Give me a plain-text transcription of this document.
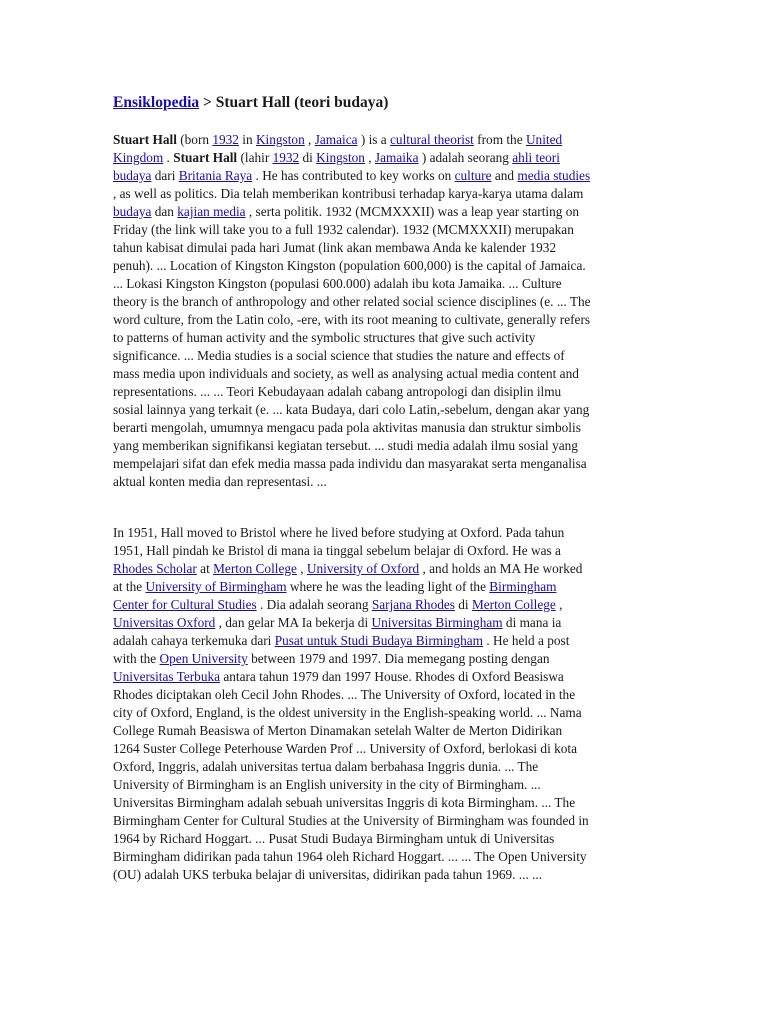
Ensiklopedia > Stuart Hall (teori budaya)
Stuart Hall (born 1932 in Kingston , Jamaica ) is a cultural theorist from the United
Kingdom . Stuart Hall (lahir 1932 di Kingston , Jamaika ) adalah seorang ahli teori
budaya dari Britania Raya . He has contributed to key works on culture and media studies
, as well as politics. Dia telah memberikan kontribusi terhadap karya-karya utama dalam
budaya dan kajian media , serta politik. 1932 (MCMXXXII) was a leap year starting on
Friday (the link will take you to a full 1932 calendar). 1932 (MCMXXXII) merupakan
tahun kabisat dimulai pada hari Jumat (link akan membawa Anda ke kalender 1932
penuh). ... Location of Kingston Kingston (population 600,000) is the capital of Jamaica.
... Lokasi Kingston Kingston (populasi 600.000) adalah ibu kota Jamaika. ... Culture
theory is the branch of anthropology and other related social science disciplines (e. ... The
word culture, from the Latin colo, -ere, with its root meaning to cultivate, generally refers
to patterns of human activity and the symbolic structures that give such activity
significance. ... Media studies is a social science that studies the nature and effects of
mass media upon individuals and society, as well as analysing actual media content and
representations. ... ... Teori Kebudayaan adalah cabang antropologi dan disiplin ilmu
sosial lainnya yang terkait (e. ... kata Budaya, dari colo Latin,-sebelum, dengan akar yang
berarti mengolah, umumnya mengacu pada pola aktivitas manusia dan struktur simbolis
yang memberikan signifikansi kegiatan tersebut. ... studi media adalah ilmu sosial yang
mempelajari sifat dan efek media massa pada individu dan masyarakat serta menganalisa
aktual konten media dan representasi. ...
In 1951, Hall moved to Bristol where he lived before studying at Oxford. Pada tahun
1951, Hall pindah ke Bristol di mana ia tinggal sebelum belajar di Oxford. He was a
Rhodes Scholar at Merton College , University of Oxford , and holds an MA He worked
at the University of Birmingham where he was the leading light of the Birmingham
Center for Cultural Studies . Dia adalah seorang Sarjana Rhodes di Merton College ,
Universitas Oxford , dan gelar MA Ia bekerja di Universitas Birmingham di mana ia
adalah cahaya terkemuka dari Pusat untuk Studi Budaya Birmingham . He held a post
with the Open University between 1979 and 1997. Dia memegang posting dengan
Universitas Terbuka antara tahun 1979 dan 1997 House. Rhodes di Oxford Beasiswa
Rhodes diciptakan oleh Cecil John Rhodes. ... The University of Oxford, located in the
city of Oxford, England, is the oldest university in the English-speaking world. ... Nama
College Rumah Beasiswa of Merton Dinamakan setelah Walter de Merton Didirikan
1264 Suster College Peterhouse Warden Prof ... University of Oxford, berlokasi di kota
Oxford, Inggris, adalah universitas tertua dalam berbahasa Inggris dunia. ... The
University of Birmingham is an English university in the city of Birmingham. ...
Universitas Birmingham adalah sebuah universitas Inggris di kota Birmingham. ... The
Birmingham Center for Cultural Studies at the University of Birmingham was founded in
1964 by Richard Hoggart. ... Pusat Studi Budaya Birmingham untuk di Universitas
Birmingham didirikan pada tahun 1964 oleh Richard Hoggart. ... ... The Open University
(OU) adalah UKS terbuka belajar di universitas, didirikan pada tahun 1969. ... ...
